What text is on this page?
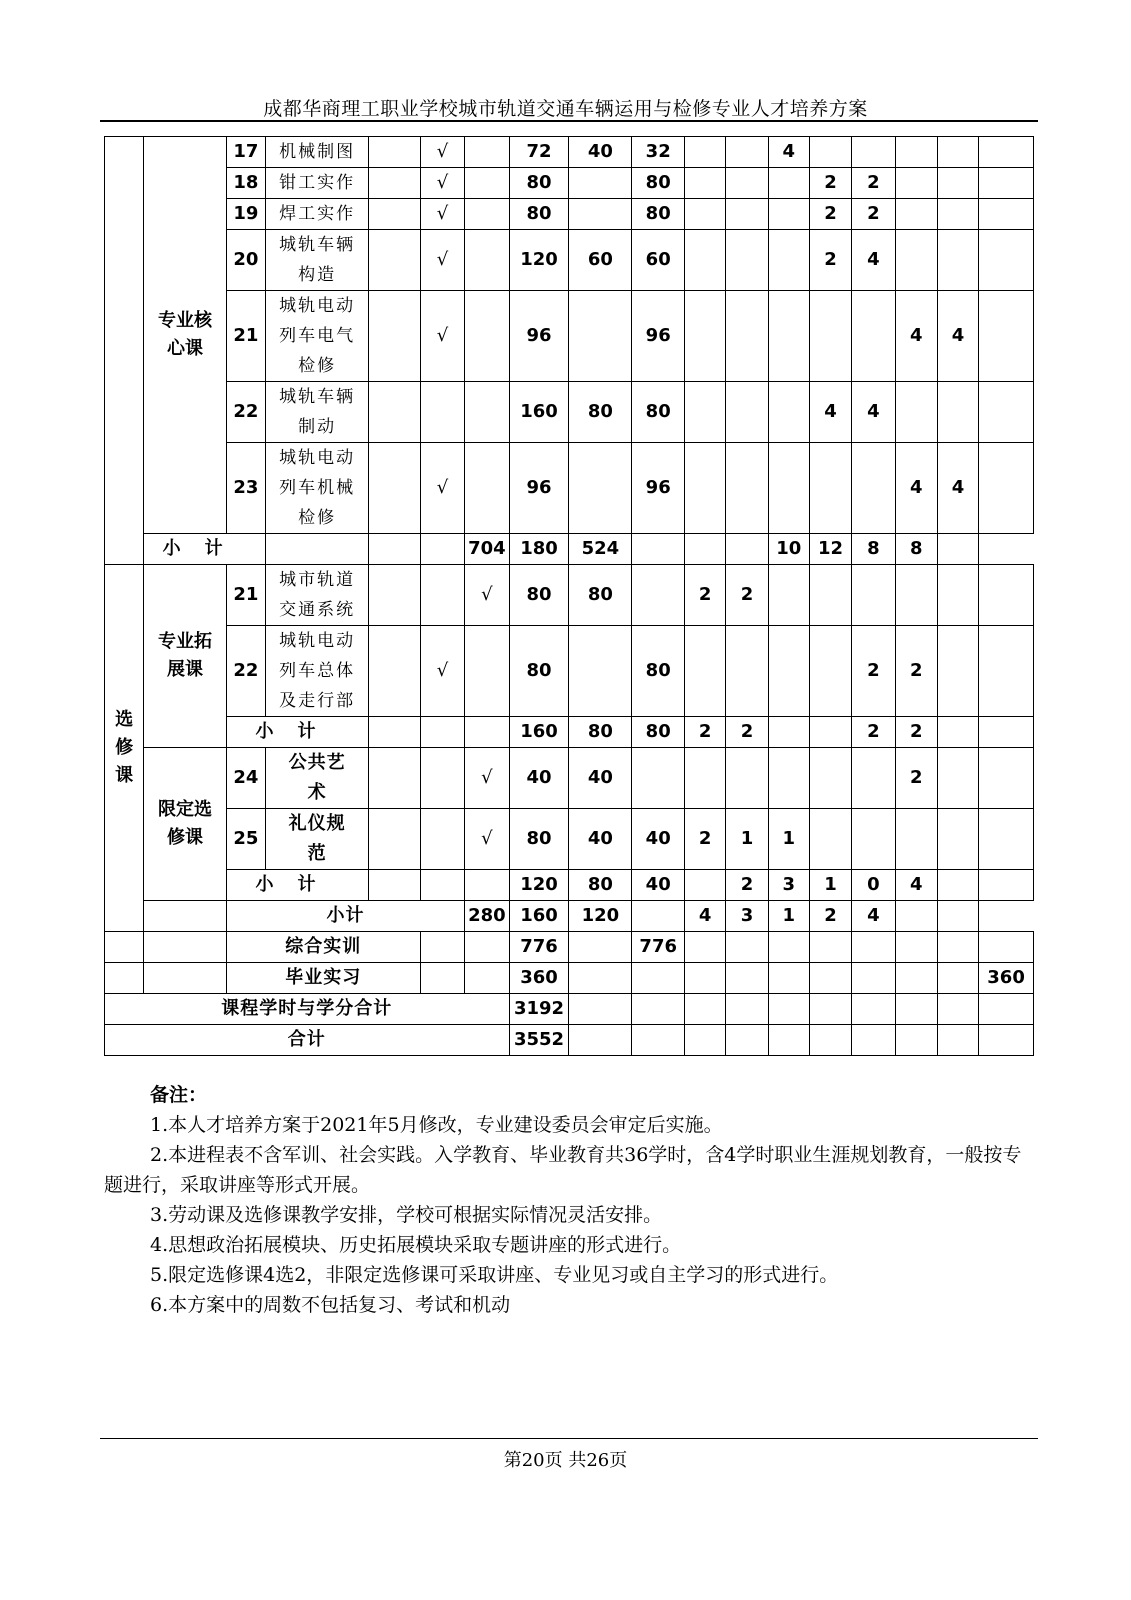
成都华商理工职业学校城市轨道交通车辆运用与检修专业人才培养方案
	专业核心课	17	机械制图		√		72	40	32			4					
		18	钳工实作		√		80		80				2	2			
		19	焊工实作		√		80		80				2	2			
		20	城轨车辆构造		√		120	60	60				2	4			
		21	城轨电动列车电气检修		√		96		96						4	4	
		22	城轨车辆制动				160	80	80				4	4			
		23	城轨电动列车机械检修		√		96		96						4	4	
	小计					704	180	524				10	12	8	8		
选修课	专业拓展课	21	城市轨道交通系统			√	80	80		2	2						
		22	城轨电动列车总体及走行部		√		80		80					2	2		
		小计					160	80	80	2	2			2	2		
	限定选修课	24	公共艺术			√	40	40							2		
		25	礼仪规范			√	80	40	40	2	1	1					
		小计					120	80	40		2	3	1	0	4		
		小计				280	160	120		4	3	1	2	4			
		综合实训					776		776								
		毕业实习					360										360
课程学时与学分合计							3192										
合计							3552										
备注：
1.本人才培养方案于2021年5月修改，专业建设委员会审定后实施。
2.本进程表不含军训、社会实践。入学教育、毕业教育共36学时，含4学时职业生涯规划教育，一般按专题进行，采取讲座等形式开展。
3.劳动课及选修课教学安排，学校可根据实际情况灵活安排。
4.思想政治拓展模块、历史拓展模块采取专题讲座的形式进行。
5.限定选修课4选2，非限定选修课可采取讲座、专业见习或自主学习的形式进行。
6.本方案中的周数不包括复习、考试和机动
第20页 共26页
